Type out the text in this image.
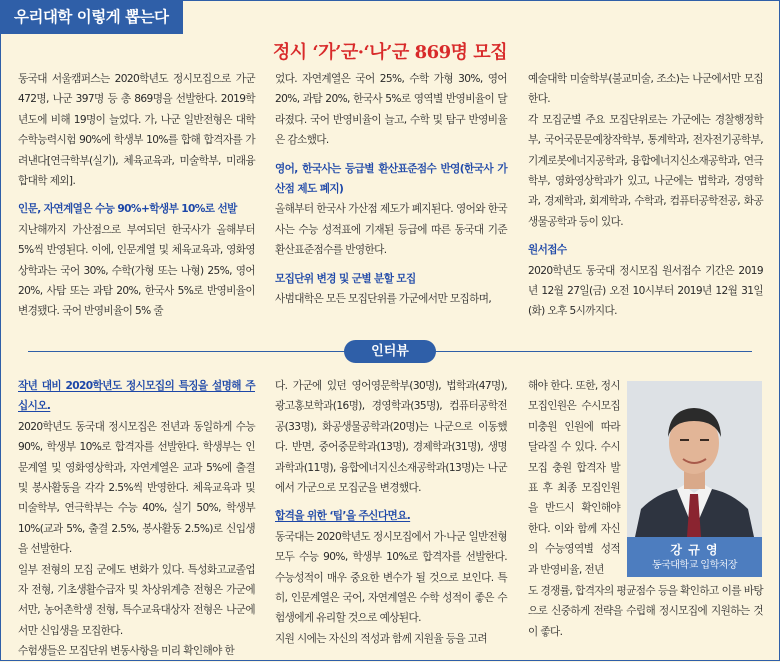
우리대학 이렇게 뽑는다
정시 ‘가’군·‘나’군 869명 모집

동국대 서울캠퍼스는 2020학년도 정시모집으로 가군 472명, 나군 397명 등 총 869명을 선발한다. 2019학년도에 비해 19명이 늘었다. 가, 나군 일반전형은 대학수학능력시험 90%에 학생부 10%를 합해 합격자를 가려낸다[연극학부(실기), 체육교육과, 미술학부, 미래융합대학 제외].

인문, 자연계열은 수능 90%+학생부 10%로 선발

지난해까지 가산점으로 부여되던 한국사가 올해부터 5%씩 반영된다. 이에, 인문계열 및 체육교육과, 영화영상학과는 국어 30%, 수학(가형 또는 나형) 25%, 영어 20%, 사탐 또는 과탐 20%, 한국사 5%로 반영비율이 변경됐다. 국어 반영비율이 5% 줄

었다. 자연계열은 국어 25%, 수학 가형 30%, 영어 20%, 과탐 20%, 한국사 5%로 영역별 반영비율이 달라졌다. 국어 반영비율이 늘고, 수학 및 탐구 반영비율은 감소했다.

영어, 한국사는 등급별 환산표준점수 반영(한국사 가산점 제도 폐지)

올해부터 한국사 가산점 제도가 폐지된다. 영어와 한국사는 수능 성적표에 기재된 등급에 따른 동국대 기준 환산표준점수를 반영한다.

모집단위 변경 및 군별 분할 모집

사범대학은 모든 모집단위를 가군에서만 모집하며,

예술대학 미술학부(불교미술, 조소)는 나군에서만 모집한다.

각 모집군별 주요 모집단위로는 가군에는 경찰행정학부, 국어국문문예창작학부, 통계학과, 전자전기공학부, 기계로봇에너지공학과, 융합에너지신소재공학과, 연극학부, 영화영상학과가 있고, 나군에는 법학과, 경영학과, 경제학과, 회계학과, 수학과, 컴퓨터공학전공, 화공생물공학과 등이 있다.

원서접수

2020학년도 동국대 정시모집 원서접수 기간은 2019년 12월 27일(금) 오전 10시부터 2019년 12월 31일(화) 오후 5시까지다.

인터뷰

작년 대비 2020학년도 정시모집의 특징을 설명해 주십시오.

2020학년도 동국대 정시모집은 전년과 동일하게 수능 90%, 학생부 10%로 합격자를 선발한다. 학생부는 인문계열 및 영화영상학과, 자연계열은 교과 5%에 출결 및 봉사활동을 각각 2.5%씩 반영한다. 체육교육과 및 미술학부, 연극학부는 수능 40%, 실기 50%, 학생부 10%(교과 5%, 출결 2.5%, 봉사활동 2.5%)로 신입생을 선발한다.

일부 전형의 모집 군에도 변화가 있다. 특성화고교졸업자 전형, 기초생활수급자 및 차상위계층 전형은 가군에서만, 농어촌학생 전형, 특수교육대상자 전형은 나군에서만 신입생을 모집한다.

수험생들은 모집단위 변동사항을 미리 확인해야 한

다. 가군에 있던 영어영문학부(30명), 법학과(47명), 광고홍보학과(16명), 경영학과(35명), 컴퓨터공학전공(33명), 화공생물공학과(20명)는 나군으로 이동했다. 반면, 중어중문학과(13명), 경제학과(31명), 생명과학과(11명), 융합에너지신소재공학과(13명)는 나군에서 가군으로 모집군을 변경했다.

합격을 위한 ‘팁’을 주신다면요.

동국대는 2020학년도 정시모집에서 가·나군 일반전형 모두 수능 90%, 학생부 10%로 합격자를 선발한다. 수능성적이 매우 중요한 변수가 될 것으로 보인다. 특히, 인문계열은 국어, 자연계열은 수학 성적이 좋은 수험생에게 유리할 것으로 예상된다.

지원 시에는 자신의 적성과 함께 지원율 등을 고려

해야 한다. 또한, 정시 모집인원은 수시모집 미충원 인원에 따라 달라질 수 있다. 수시모집 충원 합격자 발표 후 최종 모집인원을 반드시 확인해야 한다. 이와 함께 자신의 수능영역별 성적과 반영비율, 전년

도 경쟁률, 합격자의 평균점수 등을 확인하고 이를 바탕으로 신중하게 전략을 수립해 정시모집에 지원하는 것이 좋다.

강 규 영
동국대학교 입학처장
